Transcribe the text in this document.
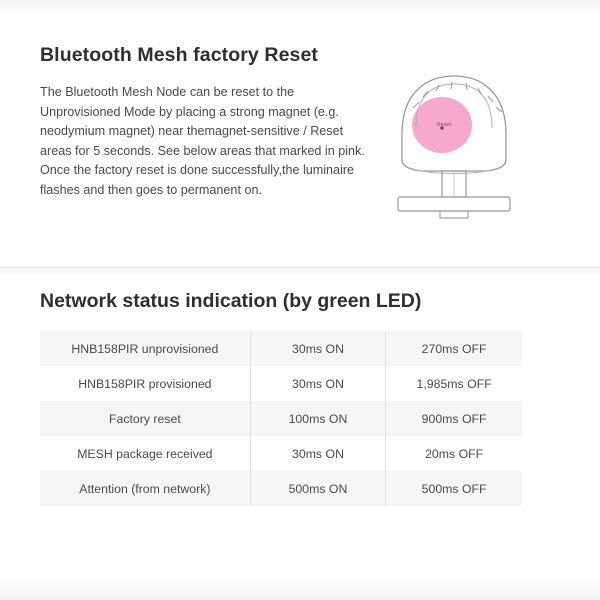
Bluetooth Mesh factory Reset

The Bluetooth Mesh Node can be reset to the Unprovisioned Mode by placing a strong magnet (e.g. neodymium magnet) near themagnet-sensitive / Reset areas for 5 seconds. See below areas that marked in pink. Once the factory reset is done successfully,the luminaire flashes and then goes to permanent on.

Reset
Network status indication (by green LED)
HNB158PIR unprovisioned	30ms ON	270ms OFF
HNB158PIR provisioned	30ms ON	1,985ms OFF
Factory reset	100ms ON	900ms OFF
MESH package received	30ms ON	20ms OFF
Attention (from network)	500ms ON	500ms OFF
